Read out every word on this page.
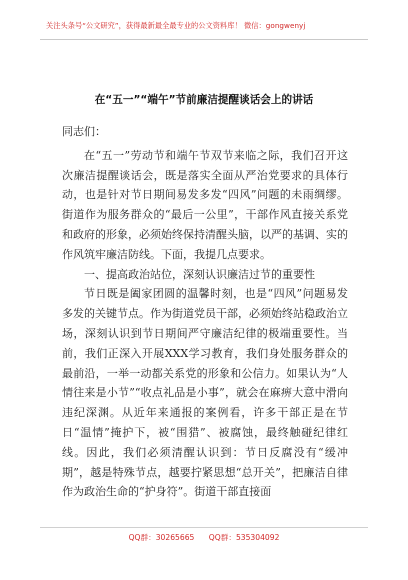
关注头条号“公文研究”，获得最新最全最专业的公文资料库！ 微信：gongwenyj
在“五一”“端午”节前廉洁提醒谈话会上的讲话

同志们：

在“五一”劳动节和端午节双节来临之际，我们召开这次廉洁提醒谈话会，既是落实全面从严治党要求的具体行动，也是针对节日期间易发多发“四风”问题的未雨绸缪。街道作为服务群众的“最后一公里”，干部作风直接关系党和政府的形象，必须始终保持清醒头脑，以严的基调、实的作风筑牢廉洁防线。下面，我提几点要求。

一、提高政治站位，深刻认识廉洁过节的重要性

节日既是阖家团圆的温馨时刻，也是“四风”问题易发多发的关键节点。作为街道党员干部，必须始终站稳政治立场，深刻认识到节日期间严守廉洁纪律的极端重要性。当前，我们正深入开展XXX学习教育，我们身处服务群众的最前沿，一举一动都关系党的形象和公信力。如果认为“人情往来是小节”“收点礼品是小事”，就会在麻痹大意中滑向违纪深渊。从近年来通报的案例看，许多干部正是在节日“温情”掩护下，被“围猎”、被腐蚀，最终触碰纪律红线。因此，我们必须清醒认识到：节日反腐没有“缓冲期”，越是特殊节点，越要拧紧思想“总开关”，把廉洁自律作为政治生命的“护身符”。街道干部直接面

QQ群：30265665 QQ群：535304092
